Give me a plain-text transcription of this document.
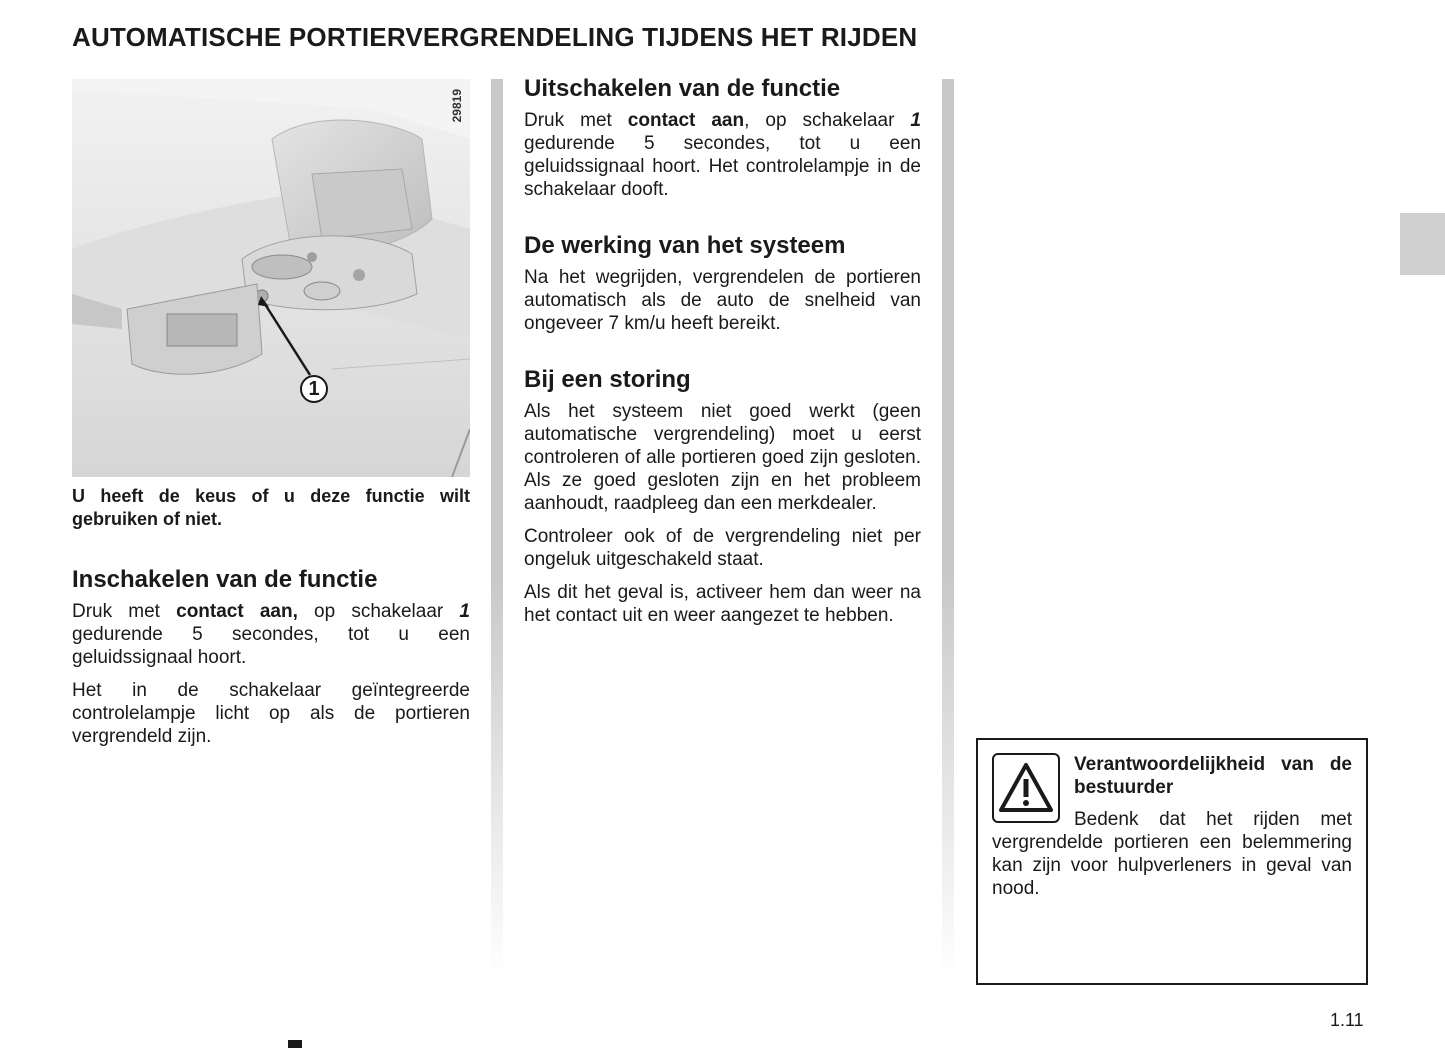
AUTOMATISCHE PORTIERVERGRENDELING TIJDENS HET RIJDEN
1
29819

U heeft de keus of u deze functie wilt gebruiken of niet.

Inschakelen van de functie

Druk met contact aan, op schakelaar 1 gedurende 5 secondes, tot u een geluidssignaal hoort.

Het in de schakelaar geïntegreerde controlelampje licht op als de portieren vergrendeld zijn.

Uitschakelen van de functie

Druk met contact aan, op schakelaar 1 gedurende 5 secondes, tot u een geluidssignaal hoort. Het controlelampje in de schakelaar dooft.

De werking van het systeem

Na het wegrijden, vergrendelen de portieren automatisch als de auto de snelheid van ongeveer 7 km/u heeft bereikt.

Bij een storing

Als het systeem niet goed werkt (geen automatische vergrendeling) moet u eerst controleren of alle portieren goed zijn gesloten. Als ze goed gesloten zijn en het probleem aanhoudt, raadpleeg dan een merkdealer.

Controleer ook of de vergrendeling niet per ongeluk uitgeschakeld staat.

Als dit het geval is, activeer hem dan weer na het contact uit en weer aangezet te hebben.

Verantwoordelijkheid van de bestuurder
Bedenk dat het rijden met vergrendelde portieren een belemmering kan zijn voor hulpverleners in geval van nood.
1.11
